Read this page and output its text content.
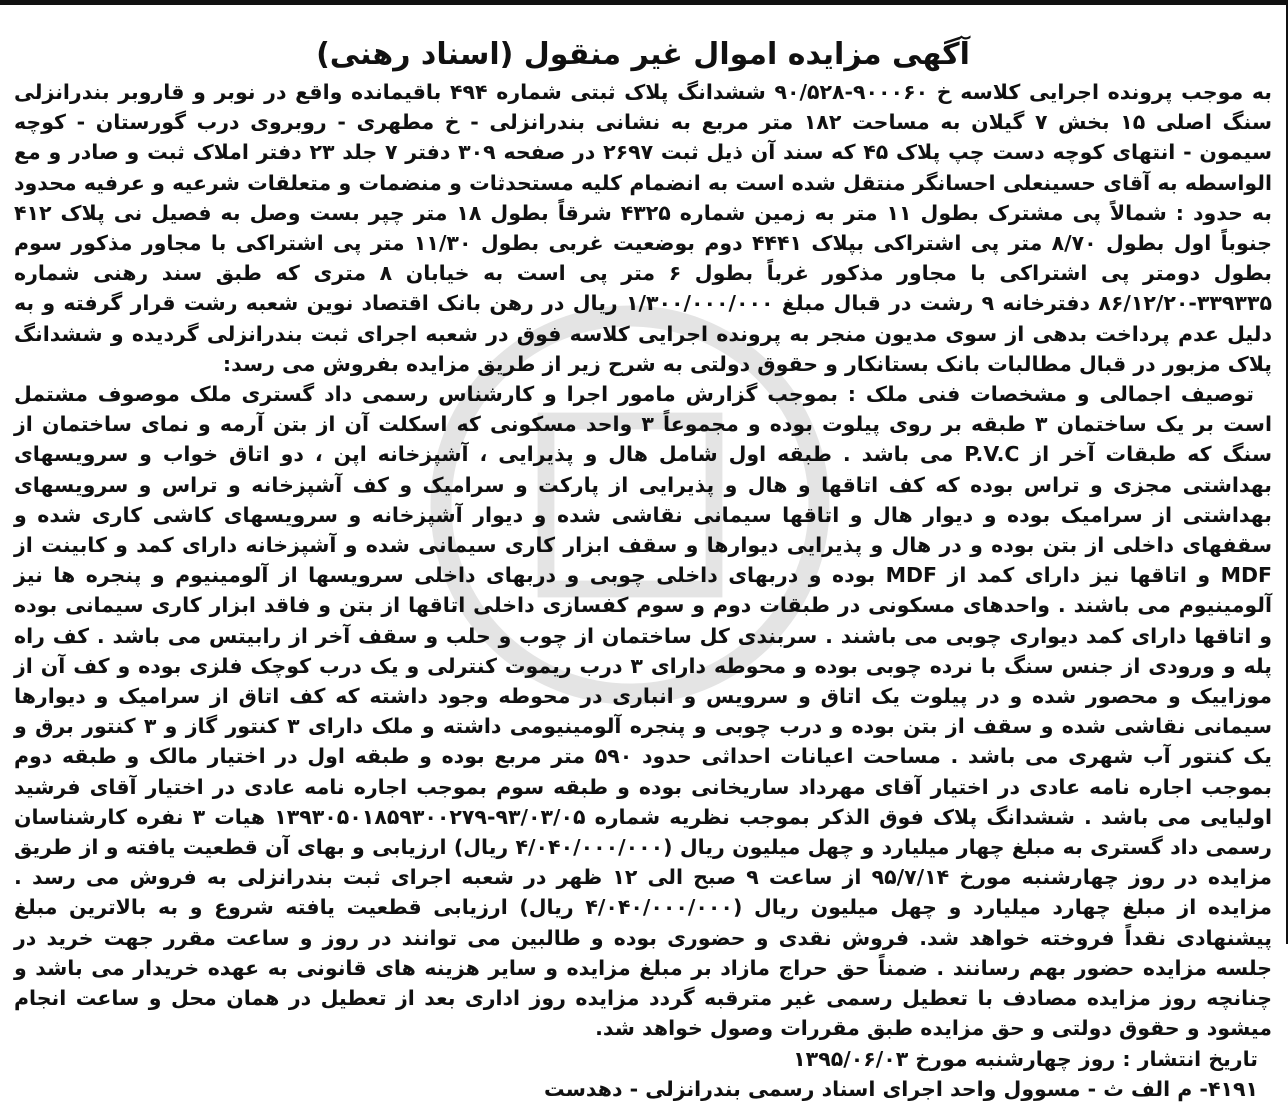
آگهی مزایده اموال غیر منقول (اسناد رهنی)

به موجب پرونده اجرایی کلاسه خ ۹۰۰۰۶۰-۹۰/۵۲۸ ششدانگ پلاک ثبتی شماره ۴۹۴ باقیمانده واقع در نوبر و قاروبر بندرانزلی سنگ اصلی ۱۵ بخش ۷ گیلان به مساحت ۱۸۲ متر مربع به نشانی بندرانزلی - خ مطهری - روبروی درب گورستان - کوچه سیمون - انتهای کوچه دست چپ پلاک ۴۵ که سند آن ذیل ثبت ۲۶۹۷ در صفحه ۳۰۹ دفتر ۷ جلد ۲۳ دفتر املاک ثبت و صادر و مع الواسطه به آقای حسینعلی احسانگر منتقل شده است به انضمام کلیه مستحدثات و منضمات و متعلقات شرعیه و عرفیه محدود به حدود : شمالاً پی مشترک بطول ۱۱ متر به زمین شماره ۴۳۲۵ شرقاً بطول ۱۸ متر چپر بست وصل به فصیل نی پلاک ۴۱۲ جنوباً اول بطول ۸/۷۰ متر پی اشتراکی بپلاک ۴۴۴۱ دوم بوضعیت غربی بطول ۱۱/۳۰ متر پی اشتراکی با مجاور مذکور سوم بطول دومتر پی اشتراکی با مجاور مذکور غرباً بطول ۶ متر پی است به خیابان ۸ متری که طبق سند رهنی شماره ۳۳۹۳۳۵-۸۶/۱۲/۲۰ دفترخانه ۹ رشت در قبال مبلغ ۱/۳۰۰/۰۰۰/۰۰۰ ریال در رهن بانک اقتصاد نوین شعبه رشت قرار گرفته و به دلیل عدم پرداخت بدهی از سوی مدیون منجر به پرونده اجرایی کلاسه فوق در شعبه اجرای ثبت بندرانزلی گردیده و ششدانگ پلاک مزبور در قبال مطالبات بانک بستانکار و حقوق دولتی به شرح زیر از طریق مزایده بفروش می رسد:

توصیف اجمالی و مشخصات فنی ملک : بموجب گزارش مامور اجرا و کارشناس رسمی داد گستری ملک موصوف مشتمل است بر یک ساختمان ۳ طبقه بر روی پیلوت بوده و مجموعاً ۳ واحد مسکونی که اسکلت آن از بتن آرمه و نمای ساختمان از سنگ که طبقات آخر از P.V.C می باشد . طبقه اول شامل هال و پذیرایی ، آشپزخانه اپن ، دو اتاق خواب و سرویسهای بهداشتی مجزی و تراس بوده که کف اتاقها و هال و پذیرایی از پارکت و سرامیک و کف آشپزخانه و تراس و سرویسهای بهداشتی از سرامیک بوده و دیوار هال و اتاقها سیمانی نقاشی شده و دیوار آشپزخانه و سرویسهای کاشی کاری شده و سقفهای داخلی از بتن بوده و در هال و پذیرایی دیوارها و سقف ابزار کاری سیمانی شده و آشپزخانه دارای کمد و کابینت از MDF و اتاقها نیز دارای کمد از MDF بوده و دربهای داخلی چوبی و دربهای داخلی سرویسها از آلومینیوم و پنجره ها نیز آلومینیوم می باشند . واحدهای مسکونی در طبقات دوم و سوم کفسازی داخلی اتاقها از بتن و فاقد ابزار کاری سیمانی بوده و اتاقها دارای کمد دیواری چوبی می باشند . سربندی کل ساختمان از چوب و حلب و سقف آخر از رابیتس می باشد . کف راه پله و ورودی از جنس سنگ با نرده چوبی بوده و محوطه دارای ۳ درب ریموت کنترلی و یک درب کوچک فلزی بوده و کف آن از موزاییک و محصور شده و در پیلوت یک اتاق و سرویس و انباری در محوطه وجود داشته که کف اتاق از سرامیک و دیوارها سیمانی نقاشی شده و سقف از بتن بوده و درب چوبی و پنجره آلومینیومی داشته و ملک دارای ۳ کنتور گاز و ۳ کنتور برق و یک کنتور آب شهری می باشد . مساحت اعیانات احداثی حدود ۵۹۰ متر مربع بوده و طبقه اول در اختیار مالک و طبقه دوم بموجب اجاره نامه عادی در اختیار آقای مهرداد ساریخانی بوده و طبقه سوم بموجب اجاره نامه عادی در اختیار آقای فرشید اولیایی می باشد . ششدانگ پلاک فوق الذکر بموجب نظریه شماره ۹۳/۰۳/۰۵-۱۳۹۳۰۵۰۱۸۵۹۳۰۰۲۷۹ هیات ۳ نفره کارشناسان رسمی داد گستری به مبلغ چهار میلیارد و چهل میلیون ریال (۴/۰۴۰/۰۰۰/۰۰۰ ریال) ارزیابی و بهای آن قطعیت یافته و از طریق مزایده در روز چهارشنبه مورخ ۹۵/۷/۱۴ از ساعت ۹ صبح الی ۱۲ ظهر در شعبه اجرای ثبت بندرانزلی به فروش می رسد . مزایده از مبلغ چهارد میلیارد و چهل میلیون ریال (۴/۰۴۰/۰۰۰/۰۰۰ ریال) ارزیابی قطعیت یافته شروع و به بالاترین مبلغ پیشنهادی نقداً فروخته خواهد شد. فروش نقدی و حضوری بوده و طالبین می توانند در روز و ساعت مقرر جهت خرید در جلسه مزایده حضور بهم رسانند . ضمناً حق حراج مازاد بر مبلغ مزایده و سایر هزینه های قانونی به عهده خریدار می باشد و چنانچه روز مزایده مصادف با تعطیل رسمی غیر مترقبه گردد مزایده روز اداری بعد از تعطیل در همان محل و ساعت انجام میشود و حقوق دولتی و حق مزایده طبق مقررات وصول خواهد شد.

تاریخ انتشار : روز چهارشنبه مورخ ۱۳۹۵/۰۶/۰۳
۴۱۹۱- م الف ث - مسوول واحد اجرای اسناد رسمی بندرانزلی - دهدست
